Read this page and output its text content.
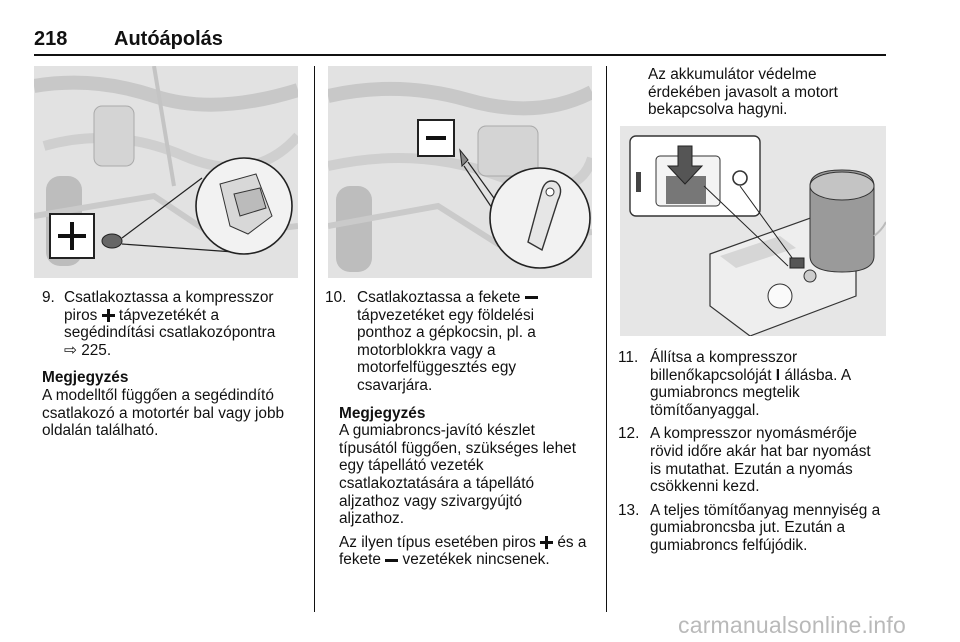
218 Autóápolás
9. Csatlakoztassa a kompresszor
piros tápvezetékét a
segédindítási csatlakozópontra
⇨ 225.
Megjegyzés
A modelltől függően a segédindító
csatlakozó a motortér bal vagy jobb
oldalán található.
10. Csatlakoztassa a fekete
tápvezetéket egy földelési
ponthoz a gépkocsin, pl. a
motorblokkra vagy a
motorfelfüggesztés egy
csavarjára.
Megjegyzés
A gumiabroncs-javító készlet
típusától függően, szükséges lehet
egy tápellátó vezeték
csatlakoztatására a tápellátó
aljzathoz vagy szivargyújtó
aljzathoz.
Az ilyen típus esetében piros és a
fekete vezetékek nincsenek.
Az akkumulátor védelme
érdekében javasolt a motort
bekapcsolva hagyni.
11. Állítsa a kompresszor
billenőkapcsolóját I állásba. A
gumiabroncs megtelik
tömítőanyaggal.
12. A kompresszor nyomásmérője
rövid időre akár hat bar nyomást
is mutathat. Ezután a nyomás
csökkenni kezd.
13. A teljes tömítőanyag mennyiség a
gumiabroncsba jut. Ezután a
gumiabroncs felfújódik.
carmanualsonline.info
